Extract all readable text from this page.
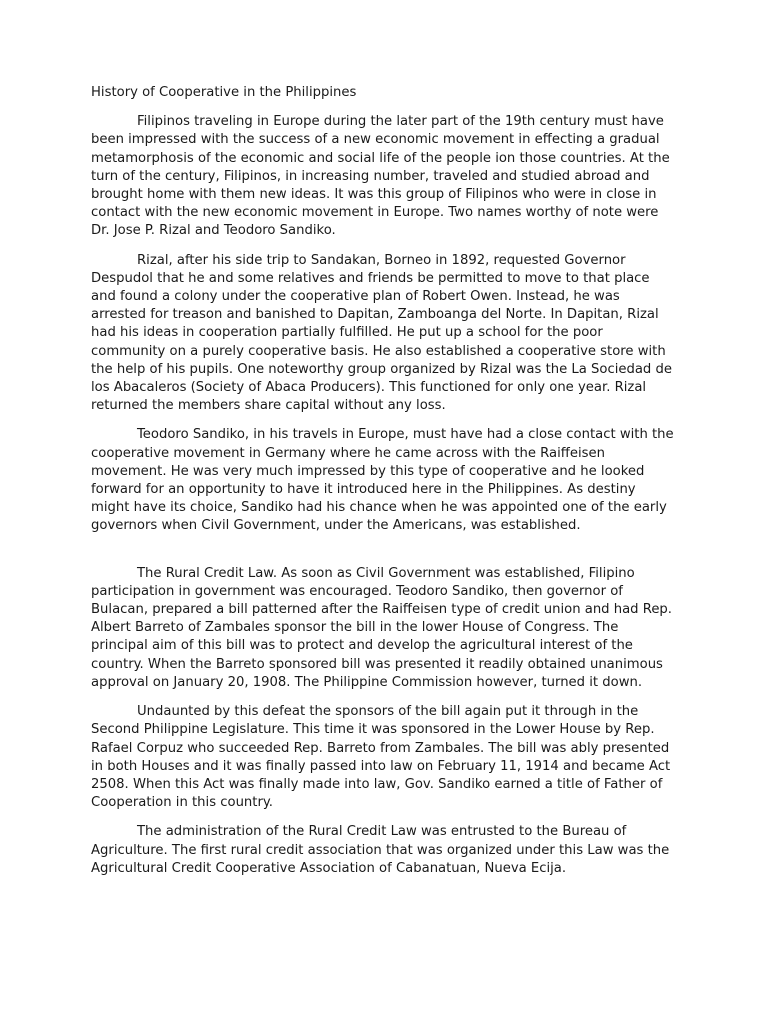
History of Cooperative in the Philippines

Filipinos traveling in Europe during the later part of the 19th century must have been impressed with the success of a new economic movement in effecting a gradual metamorphosis of the economic and social life of the people ion those countries. At the turn of the century, Filipinos, in increasing number, traveled and studied abroad and brought home with them new ideas. It was this group of Filipinos who were in close in contact with the new economic movement in Europe. Two names worthy of note were Dr. Jose P. Rizal and Teodoro Sandiko.

Rizal, after his side trip to Sandakan, Borneo in 1892, requested Governor Despudol that he and some relatives and friends be permitted to move to that place and found a colony under the cooperative plan of Robert Owen. Instead, he was arrested for treason and banished to Dapitan, Zamboanga del Norte. In Dapitan, Rizal had his ideas in cooperation partially fulfilled. He put up a school for the poor community on a purely cooperative basis. He also established a cooperative store with the help of his pupils. One noteworthy group organized by Rizal was the La Sociedad de los Abacaleros (Society of Abaca Producers). This functioned for only one year. Rizal returned the members share capital without any loss.

Teodoro Sandiko, in his travels in Europe, must have had a close contact with the cooperative movement in Germany where he came across with the Raiffeisen movement. He was very much impressed by this type of cooperative and he looked forward for an opportunity to have it introduced here in the Philippines. As destiny might have its choice, Sandiko had his chance when he was appointed one of the early governors when Civil Government, under the Americans, was established.

The Rural Credit Law. As soon as Civil Government was established, Filipino participation in government was encouraged. Teodoro Sandiko, then governor of Bulacan, prepared a bill patterned after the Raiffeisen type of credit union and had Rep. Albert Barreto of Zambales sponsor the bill in the lower House of Congress. The principal aim of this bill was to protect and develop the agricultural interest of the country. When the Barreto sponsored bill was presented it readily obtained unanimous approval on January 20, 1908. The Philippine Commission however, turned it down.

Undaunted by this defeat the sponsors of the bill again put it through in the Second Philippine Legislature. This time it was sponsored in the Lower House by Rep. Rafael Corpuz who succeeded Rep. Barreto from Zambales. The bill was ably presented in both Houses and it was finally passed into law on February 11, 1914 and became Act 2508. When this Act was finally made into law, Gov. Sandiko earned a title of Father of Cooperation in this country.

The administration of the Rural Credit Law was entrusted to the Bureau of Agriculture. The first rural credit association that was organized under this Law was the Agricultural Credit Cooperative Association of Cabanatuan, Nueva Ecija.
